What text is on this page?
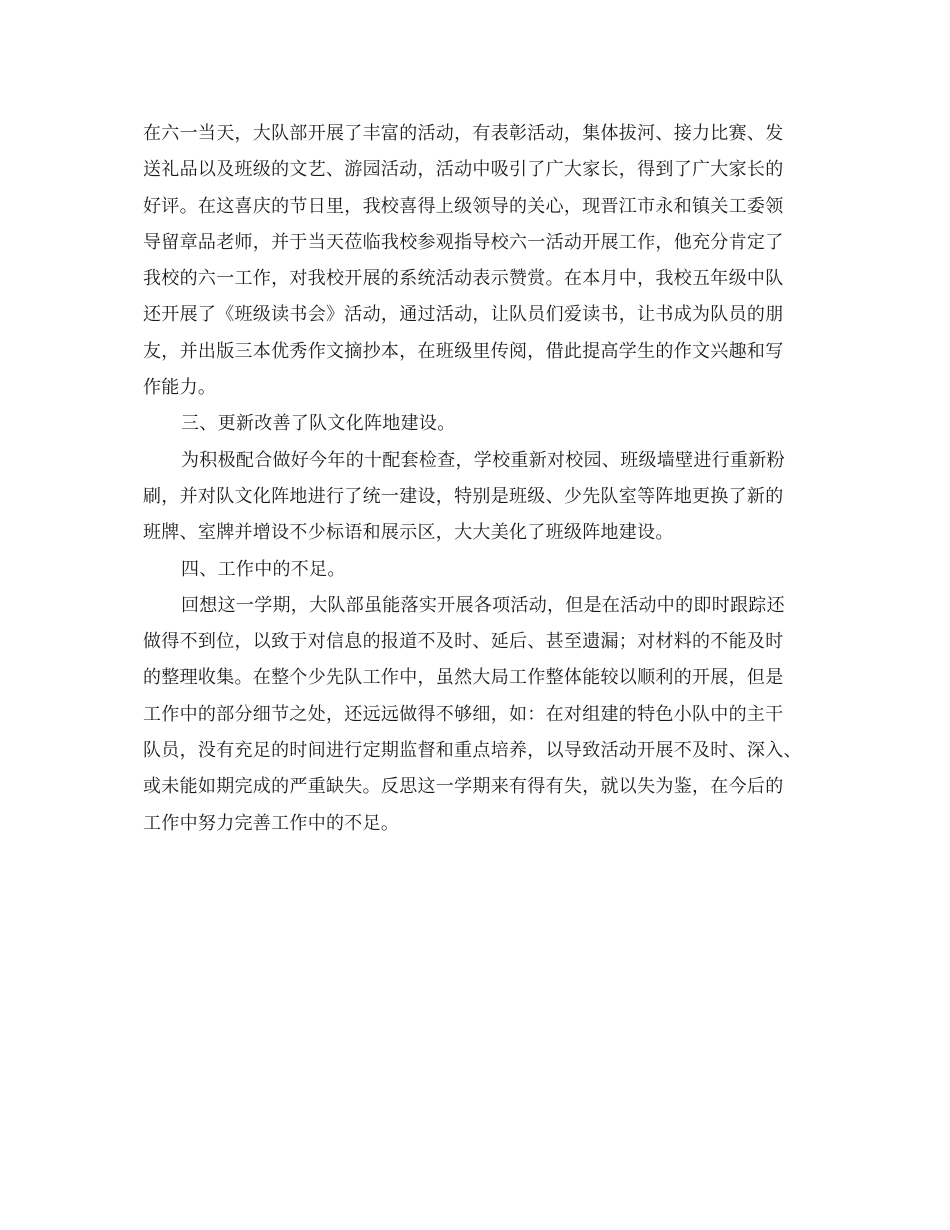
在六一当天，大队部开展了丰富的活动，有表彰活动，集体拔河、接力比赛、发
送礼品以及班级的文艺、游园活动，活动中吸引了广大家长，得到了广大家长的
好评。在这喜庆的节日里，我校喜得上级领导的关心，现晋江市永和镇关工委领
导留章品老师，并于当天莅临我校参观指导校六一活动开展工作，他充分肯定了
我校的六一工作，对我校开展的系统活动表示赞赏。在本月中，我校五年级中队
还开展了《班级读书会》活动，通过活动，让队员们爱读书，让书成为队员的朋
友，并出版三本优秀作文摘抄本，在班级里传阅，借此提高学生的作文兴趣和写
作能力。
三、更新改善了队文化阵地建设。
为积极配合做好今年的十配套检查，学校重新对校园、班级墙壁进行重新粉
刷，并对队文化阵地进行了统一建设，特别是班级、少先队室等阵地更换了新的
班牌、室牌并增设不少标语和展示区，大大美化了班级阵地建设。
四、工作中的不足。
回想这一学期，大队部虽能落实开展各项活动，但是在活动中的即时跟踪还
做得不到位，以致于对信息的报道不及时、延后、甚至遗漏；对材料的不能及时
的整理收集。在整个少先队工作中，虽然大局工作整体能较以顺利的开展，但是
工作中的部分细节之处，还远远做得不够细，如：在对组建的特色小队中的主干
队员，没有充足的时间进行定期监督和重点培养，以导致活动开展不及时、深入、
或未能如期完成的严重缺失。反思这一学期来有得有失，就以失为鉴，在今后的
工作中努力完善工作中的不足。
